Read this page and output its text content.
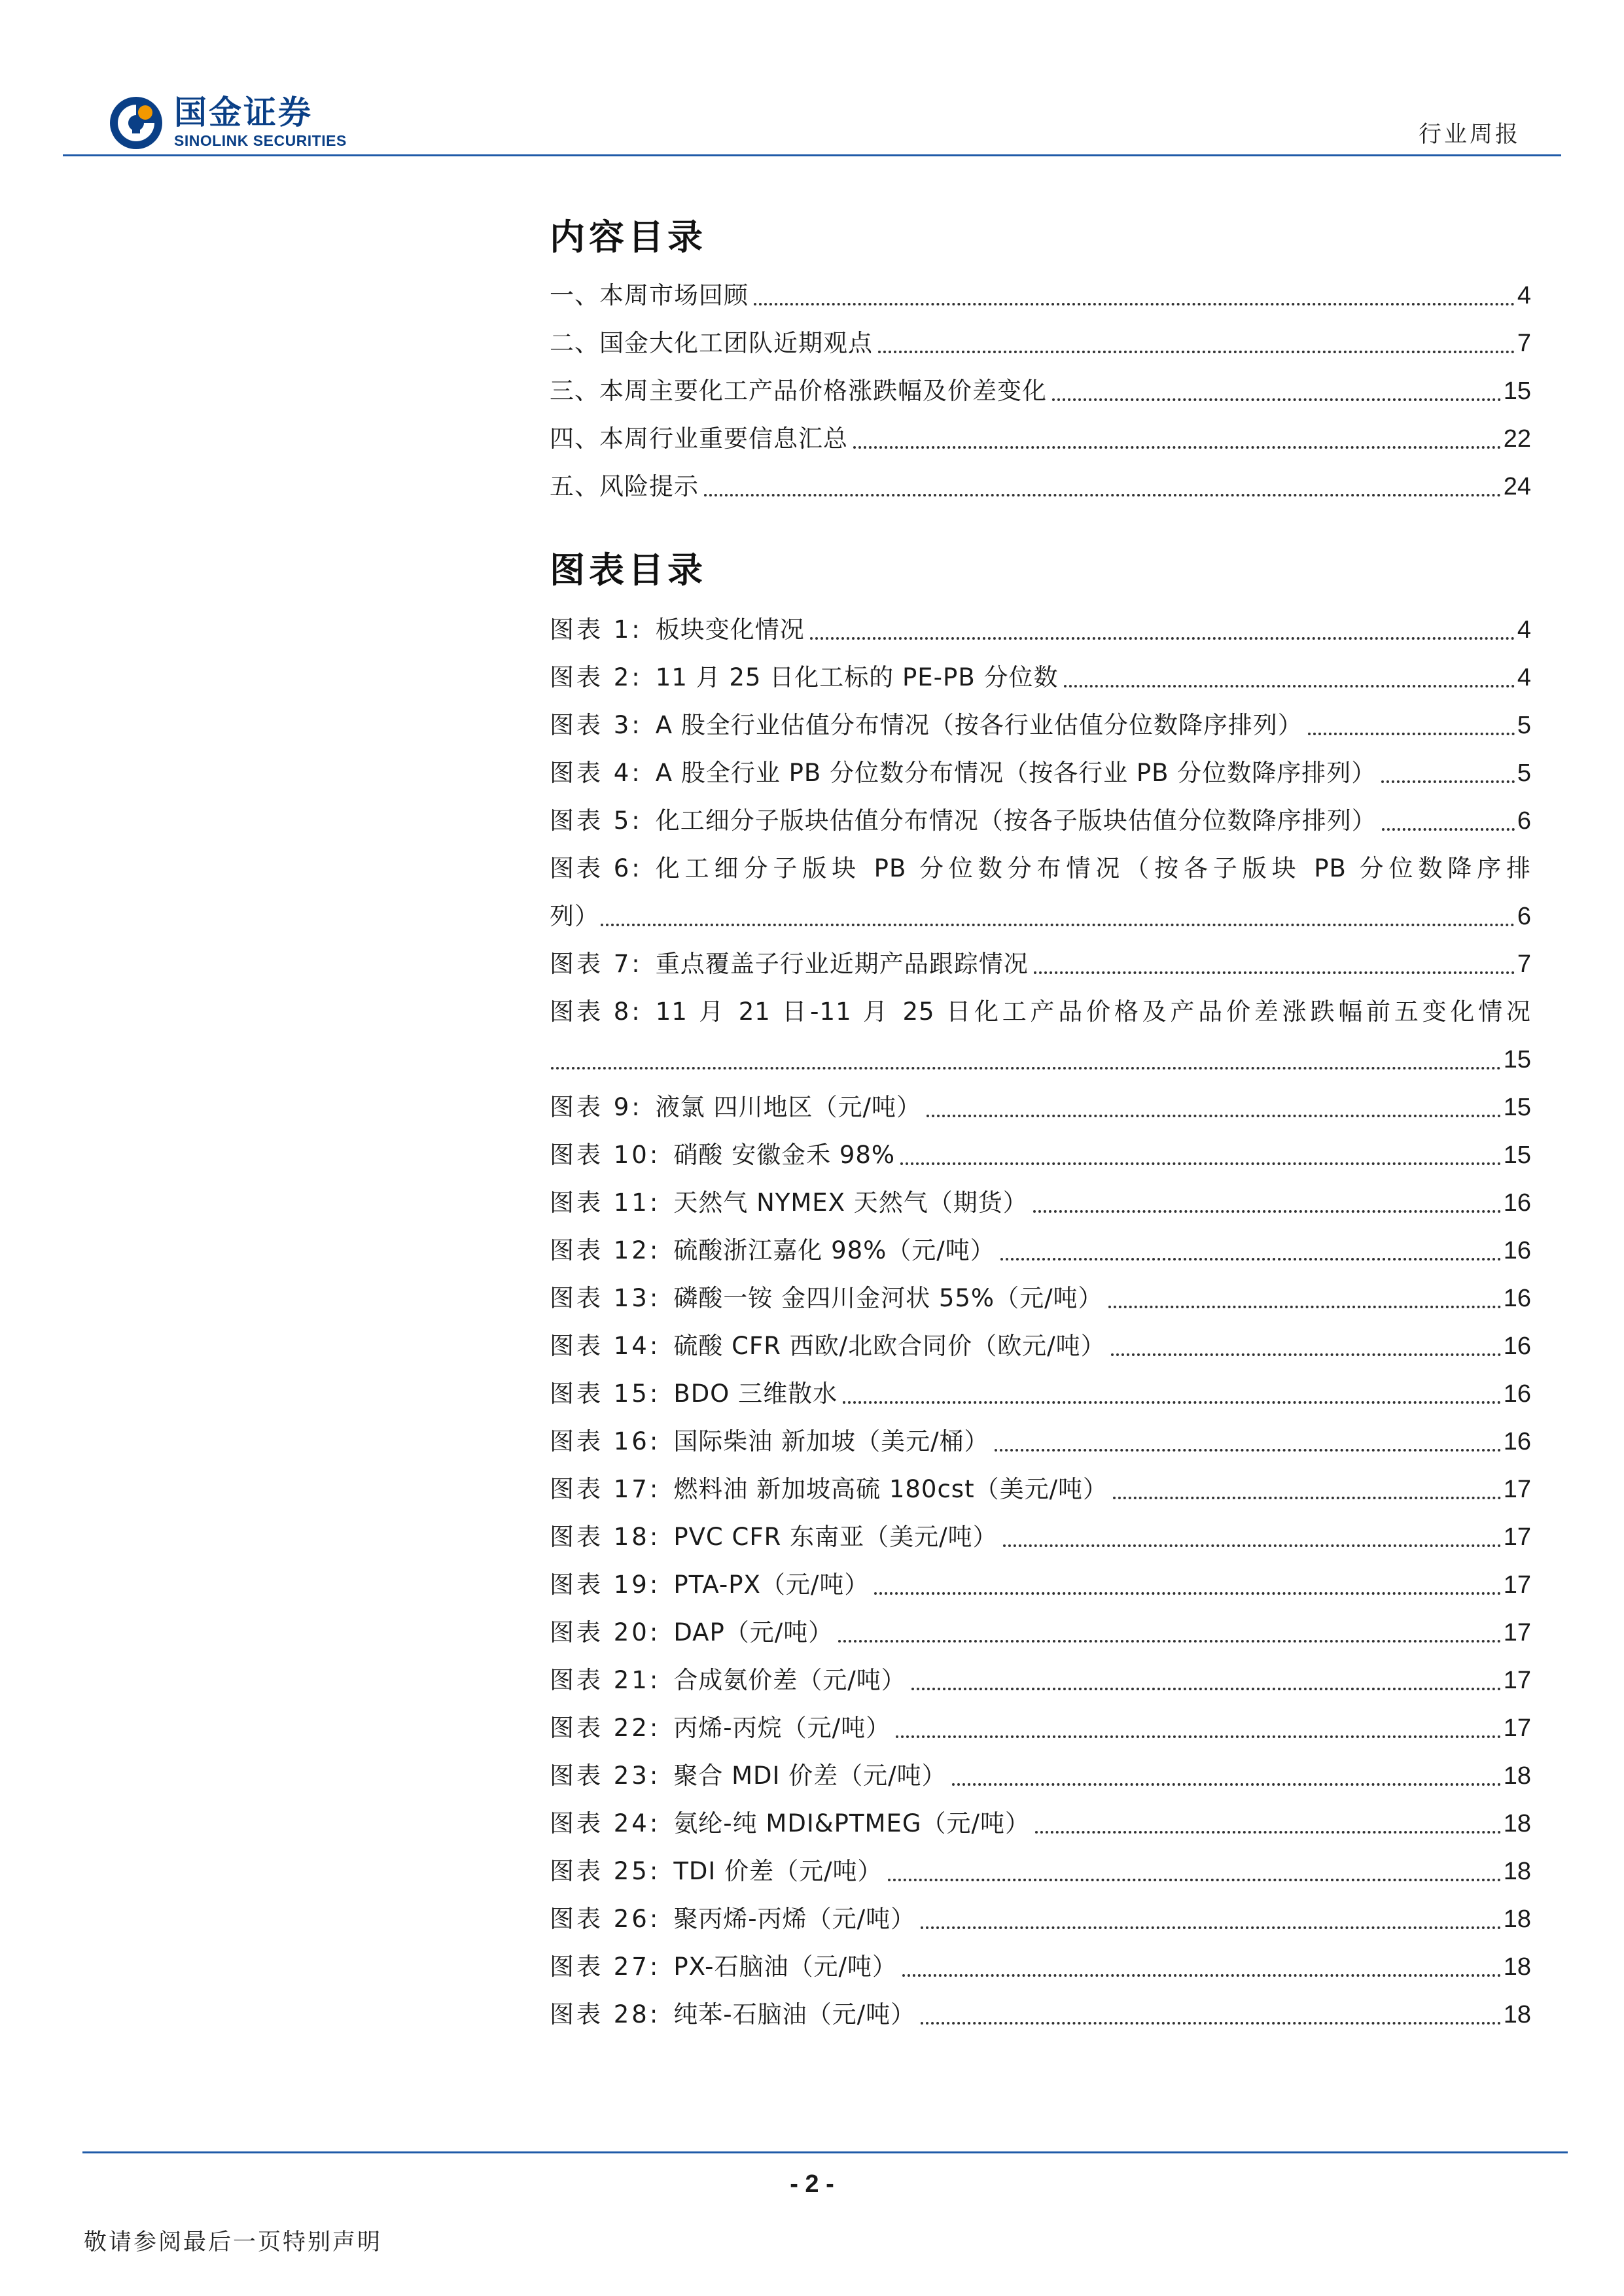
国金证券
SINOLINK SECURITIES	行业周报
内容目录
一、本周市场回顾	4
二、国金大化工团队近期观点	7
三、本周主要化工产品价格涨跌幅及价差变化	15
四、本周行业重要信息汇总	22
五、风险提示	24
图表目录
图表 1: 板块变化情况	4
图表 2: 11 月 25 日化工标的 PE-PB 分位数	4
图表 3: A 股全行业估值分布情况（按各行业估值分位数降序排列）	5
图表 4: A 股全行业 PB 分位数分布情况（按各行业 PB 分位数降序排列）	5
图表 5: 化工细分子版块估值分布情况（按各子版块估值分位数降序排列）	6
图表 6: 化工细分子版块 PB 分位数分布情况（按各子版块 PB 分位数降序排
列）	6
图表 7: 重点覆盖子行业近期产品跟踪情况	7
图表 8: 11 月 21 日-11 月 25 日化工产品价格及产品价差涨跌幅前五变化情况
15
图表 9: 液氯 四川地区（元/吨）	15
图表 10: 硝酸 安徽金禾 98%	15
图表 11: 天然气 NYMEX 天然气（期货）	16
图表 12: 硫酸浙江嘉化 98%（元/吨）	16
图表 13: 磷酸一铵 金四川金河状 55%（元/吨）	16
图表 14: 硫酸 CFR 西欧/北欧合同价（欧元/吨）	16
图表 15: BDO 三维散水	16
图表 16: 国际柴油 新加坡（美元/桶）	16
图表 17: 燃料油 新加坡高硫 180cst（美元/吨）	17
图表 18: PVC CFR 东南亚（美元/吨）	17
图表 19: PTA-PX（元/吨）	17
图表 20: DAP（元/吨）	17
图表 21: 合成氨价差（元/吨）	17
图表 22: 丙烯-丙烷（元/吨）	17
图表 23: 聚合 MDI 价差（元/吨）	18
图表 24: 氨纶-纯 MDI&PTMEG（元/吨）	18
图表 25: TDI 价差（元/吨）	18
图表 26: 聚丙烯-丙烯（元/吨）	18
图表 27: PX-石脑油（元/吨）	18
图表 28: 纯苯-石脑油（元/吨）	18
- 2 -
敬请参阅最后一页特别声明
